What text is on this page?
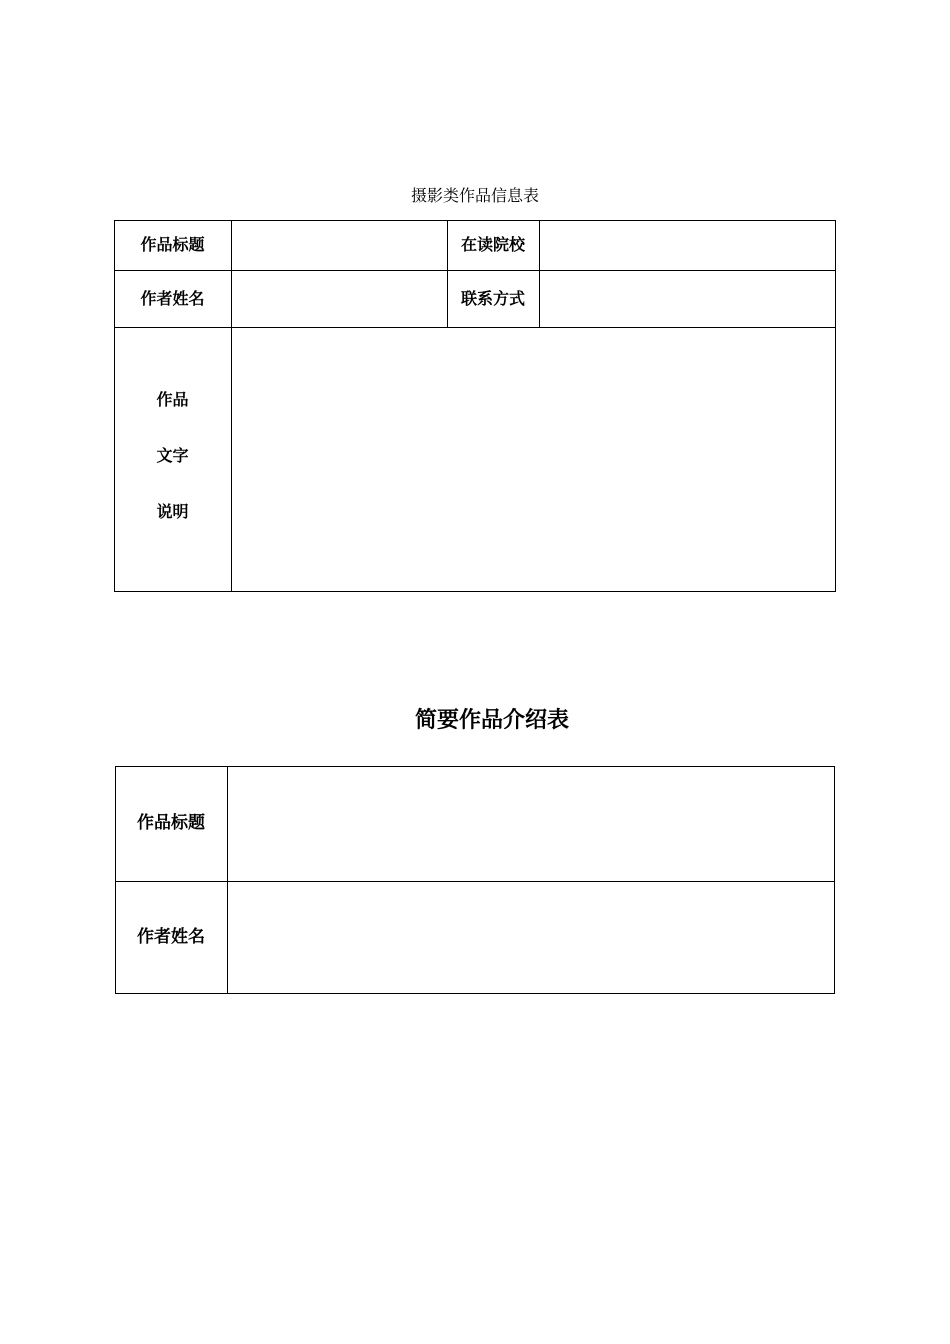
摄影类作品信息表
作品标题	在读院校
作者姓名	联系方式
作品
文字
说明
简要作品介绍表
作品标题
作者姓名
